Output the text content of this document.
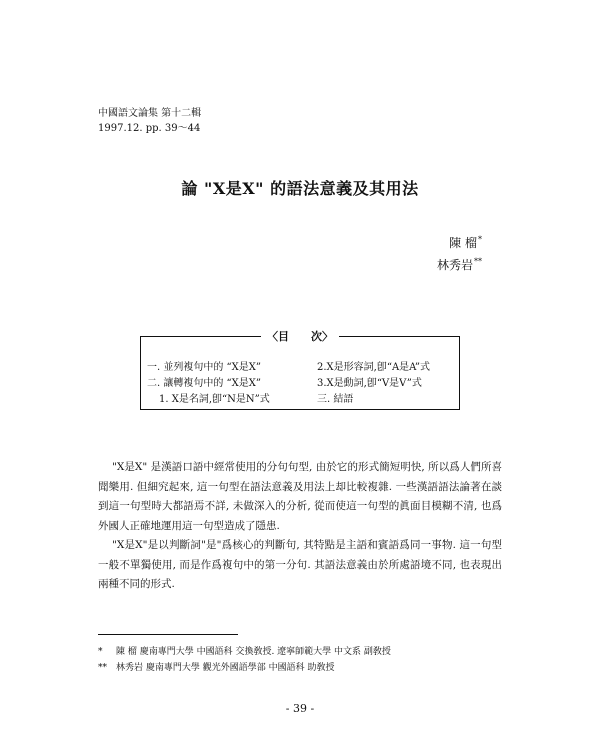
中國語文論集 第十二輯
1997.12. pp. 39～44
論 "X是X" 的語法意義及其用法
陳 榴*
林秀岩**
〈目 次〉
一. 並列複句中的 “X是X”	2.X是形容詞,卽“A是A”式
二. 讓轉複句中的 “X是X”	3.X是動詞,卽“V是V”式
1. X是名詞,卽“N是N”式	三. 結語

"X是X" 是漢語口語中經常使用的分句句型, 由於它的形式簡短明快, 所以爲人們所喜聞樂用. 但細究起來, 這一句型在語法意義及用法上却比較複雜. 一些漢語語法論著在談到這一句型時大都語焉不詳, 未做深入的分析, 從而使這一句型的眞面目模糊不清, 也爲外國人正確地運用這一句型造成了隱患.

"X是X"是以判斷詞"是"爲核心的判斷句, 其特點是主語和賓語爲同一事物. 這一句型一般不單獨使用, 而是作爲複句中的第一分句. 其語法意義由於所處語境不同, 也表現出兩種不同的形式.

* 陳 榴 慶南專門大學 中國語科 交換敎授. 遼寧師範大學 中文系 副敎授
** 林秀岩 慶南專門大學 觀光外國語學部 中國語科 助敎授
- 39 -
